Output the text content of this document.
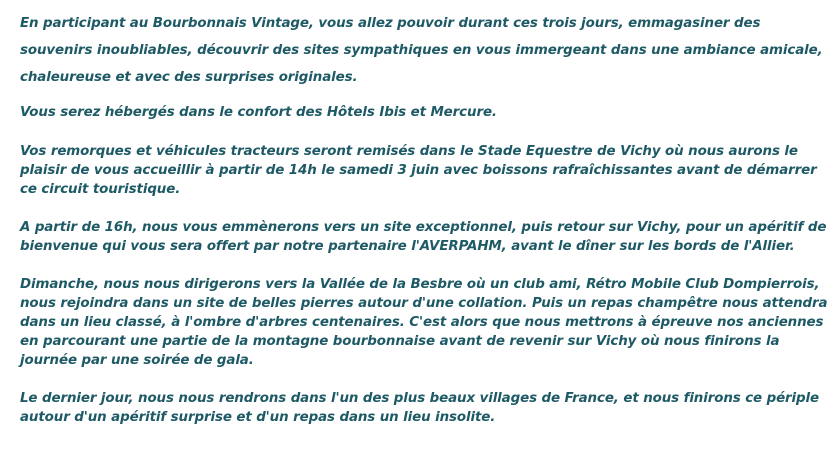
En participant au Bourbonnais Vintage, vous allez pouvoir durant ces trois jours, emmagasiner des souvenirs inoubliables, découvrir des sites sympathiques en vous immergeant dans une ambiance amicale, chaleureuse et avec des surprises originales.

Vous serez hébergés dans le confort des Hôtels Ibis et Mercure.

Vos remorques et véhicules tracteurs seront remisés dans le Stade Equestre de Vichy où nous aurons le plaisir de vous accueillir à partir de 14h le samedi 3 juin avec boissons rafraîchissantes avant de démarrer ce circuit touristique.

A partir de 16h, nous vous emmènerons vers un site exceptionnel, puis retour sur Vichy, pour un apéritif de bienvenue qui vous sera offert par notre partenaire l'AVERPAHM, avant le dîner sur les bords de l'Allier.

Dimanche, nous nous dirigerons vers la Vallée de la Besbre où un club ami, Rétro Mobile Club Dompierrois, nous rejoindra dans un site de belles pierres autour d'une collation. Puis un repas champêtre nous attendra dans un lieu classé, à l'ombre d'arbres centenaires. C'est alors que nous mettrons à épreuve nos anciennes en parcourant une partie de la montagne bourbonnaise avant de revenir sur Vichy où nous finirons la journée par une soirée de gala.

Le dernier jour, nous nous rendrons dans l'un des plus beaux villages de France, et nous finirons ce périple autour d'un apéritif surprise et d'un repas dans un lieu insolite.
